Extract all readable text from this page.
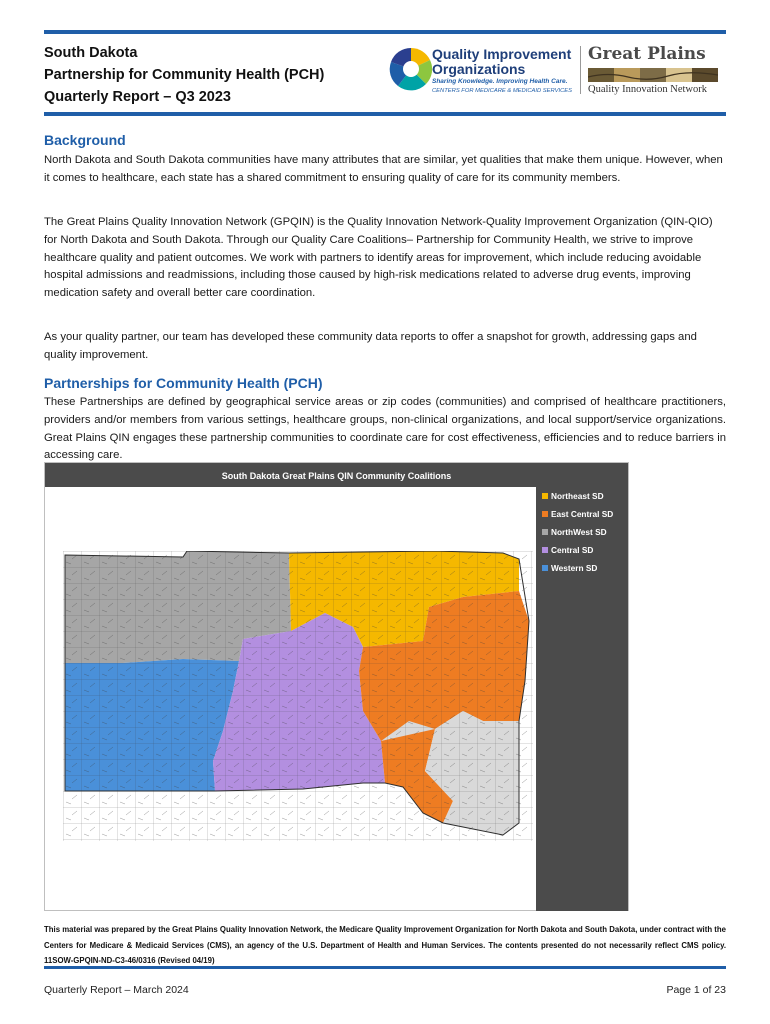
South Dakota
Partnership for Community Health (PCH)
Quarterly Report – Q3 2023
Quality Improvement
Organizations
Sharing Knowledge. Improving Health Care.
CENTERS FOR MEDICARE & MEDICAID SERVICES
Great Plains
Quality Innovation Network
Background
North Dakota and South Dakota communities have many attributes that are similar, yet qualities that make them unique. However, when it comes to healthcare, each state has a shared commitment to ensuring quality of care for its community members.
The Great Plains Quality Innovation Network (GPQIN) is the Quality Innovation Network-Quality Improvement Organization (QIN-QIO) for North Dakota and South Dakota. Through our Quality Care Coalitions– Partnership for Community Health, we strive to improve healthcare quality and patient outcomes. We work with partners to identify areas for improvement, which include reducing avoidable hospital admissions and readmissions, including those caused by high-risk medications related to adverse drug events, improving medication safety and overall better care coordination.
As your quality partner, our team has developed these community data reports to offer a snapshot for growth, addressing gaps and quality improvement.
Partnerships for Community Health (PCH)
These Partnerships are defined by geographical service areas or zip codes (communities) and comprised of healthcare practitioners, providers and/or members from various settings, healthcare groups, non-clinical organizations, and local support/service organizations. Great Plains QIN engages these partnership communities to coordinate care for cost effectiveness, efficiencies and to reduce barriers in accessing care.
South Dakota Great Plains QIN Community Coalitions
Northeast SD
East Central SD
NorthWest SD
Central SD
Western SD
This material was prepared by the Great Plains Quality Innovation Network, the Medicare Quality Improvement Organization for North Dakota and South Dakota, under contract with the Centers for Medicare & Medicaid Services (CMS), an agency of the U.S. Department of Health and Human Services. The contents presented do not necessarily reflect CMS policy. 11SOW-GPQIN-ND-C3-46/0316 (Revised 04/19)
Quarterly Report – March 2024	Page 1 of 23
